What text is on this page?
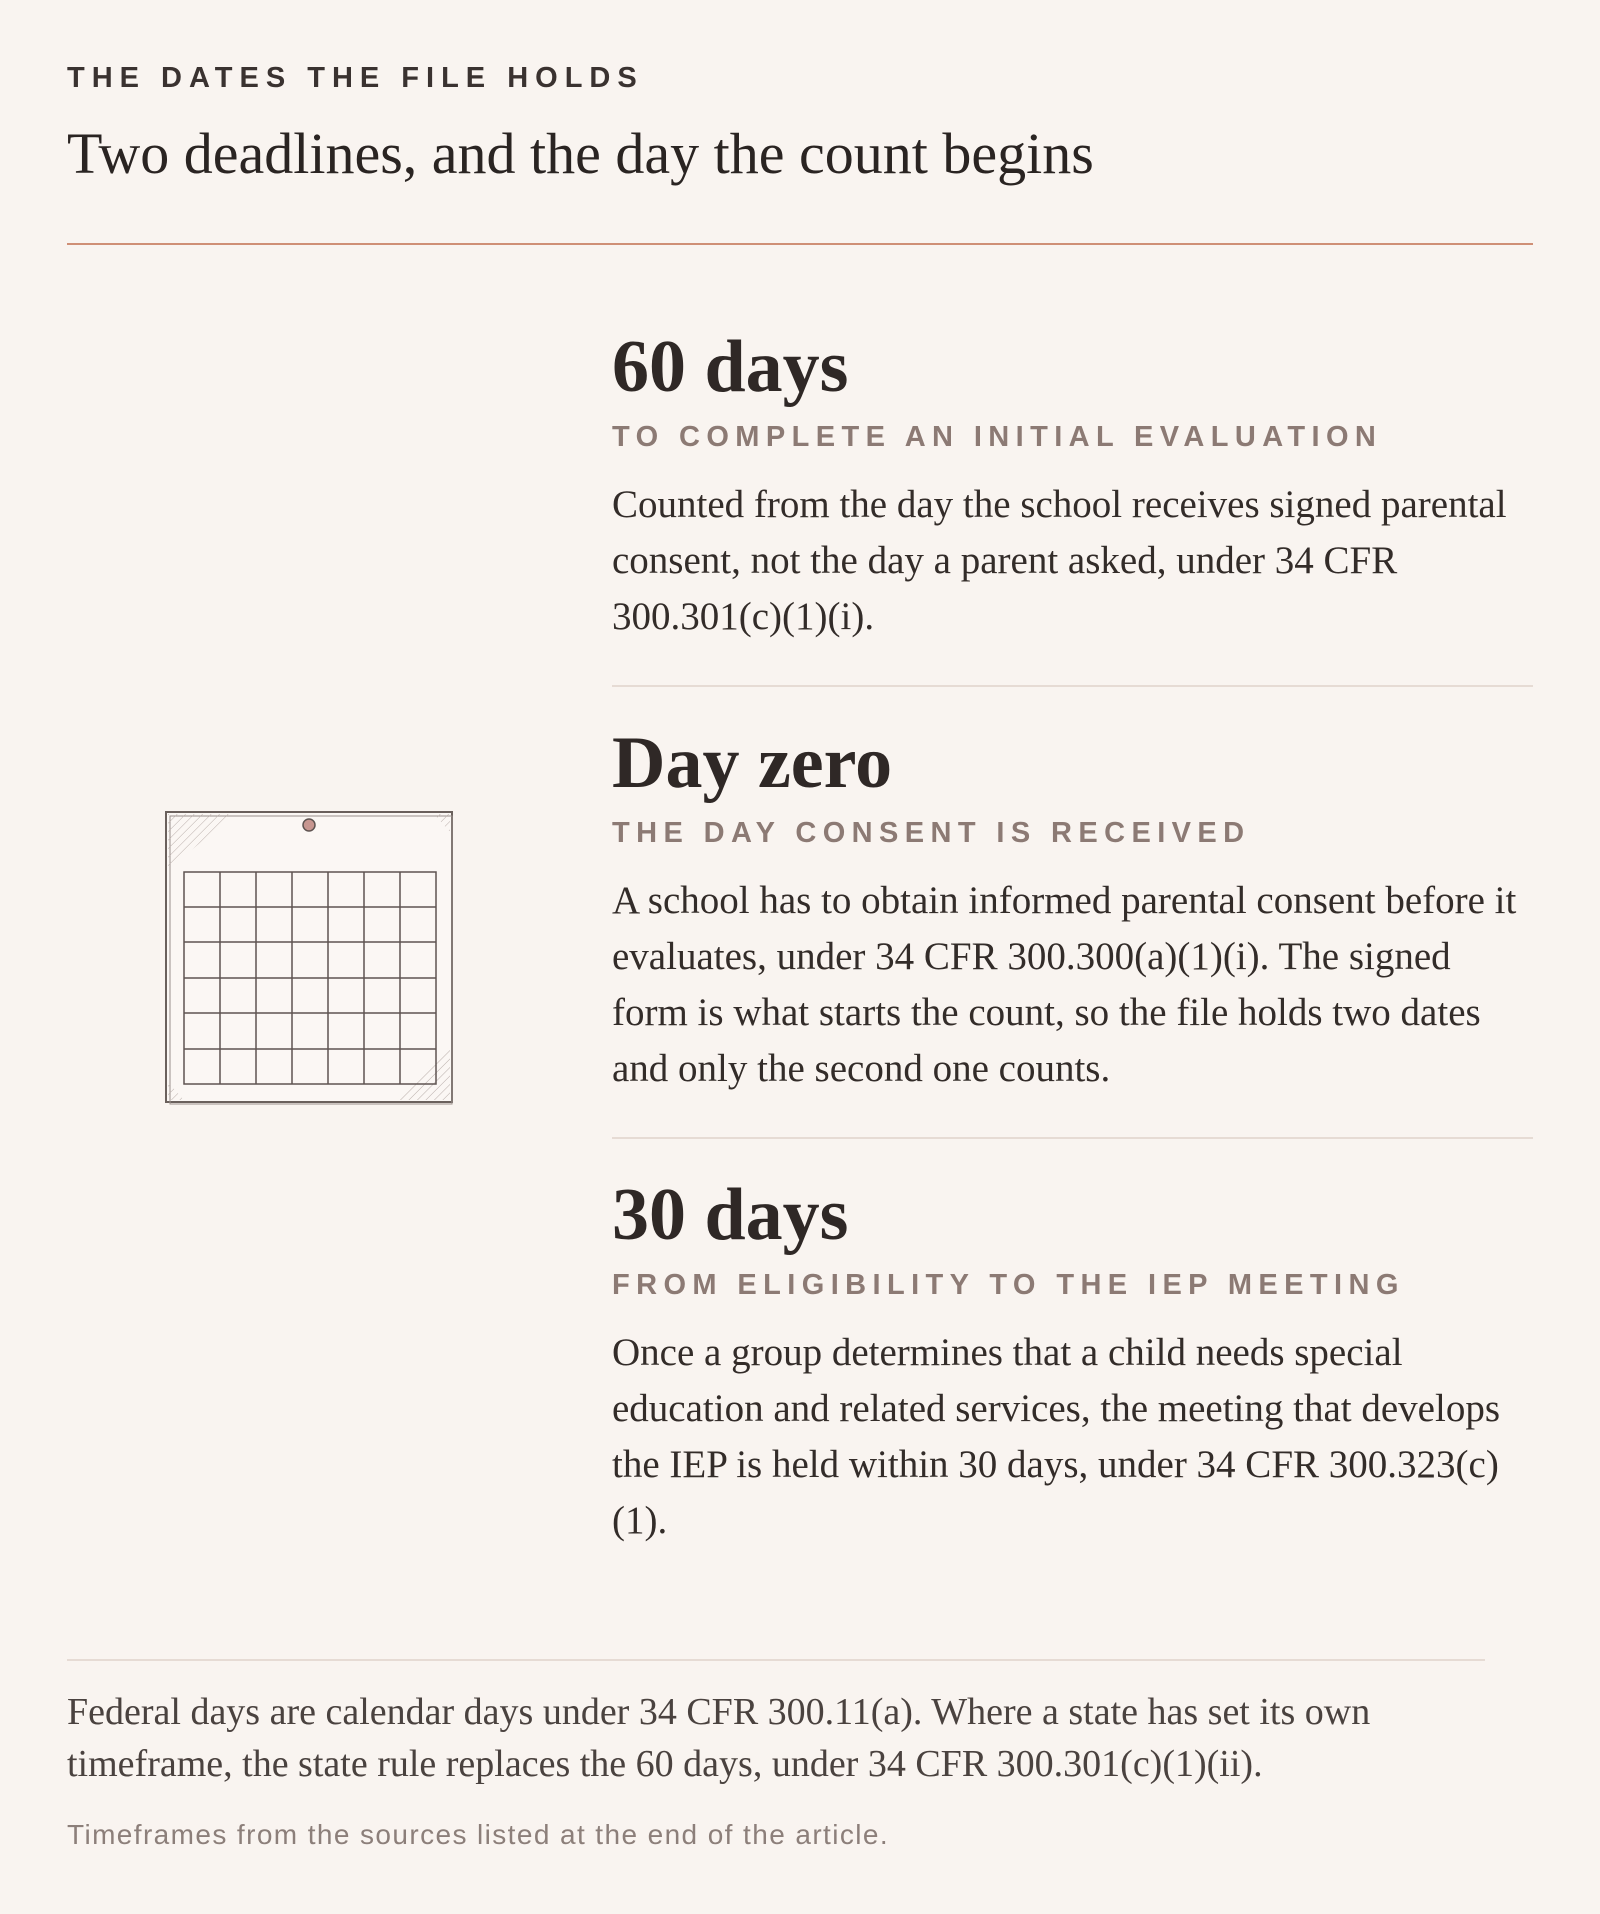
THE DATES THE FILE HOLDS
Two deadlines, and the day the count begins
60 days
TO COMPLETE AN INITIAL EVALUATION
Counted from the day the school receives signed parental consent, not the day a parent asked, under 34 CFR 300.301(c)(1)(i).
Day zero
THE DAY CONSENT IS RECEIVED
A school has to obtain informed parental consent before it evaluates, under 34 CFR 300.300(a)(1)(i). The signed form is what starts the count, so the file holds two dates and only the second one counts.
30 days
FROM ELIGIBILITY TO THE IEP MEETING
Once a group determines that a child needs special education and related services, the meeting that develops the IEP is held within 30 days, under 34 CFR 300.323(c)(1).
Federal days are calendar days under 34 CFR 300.11(a). Where a state has set its own timeframe, the state rule replaces the 60 days, under 34 CFR 300.301(c)(1)(ii).
Timeframes from the sources listed at the end of the article.
